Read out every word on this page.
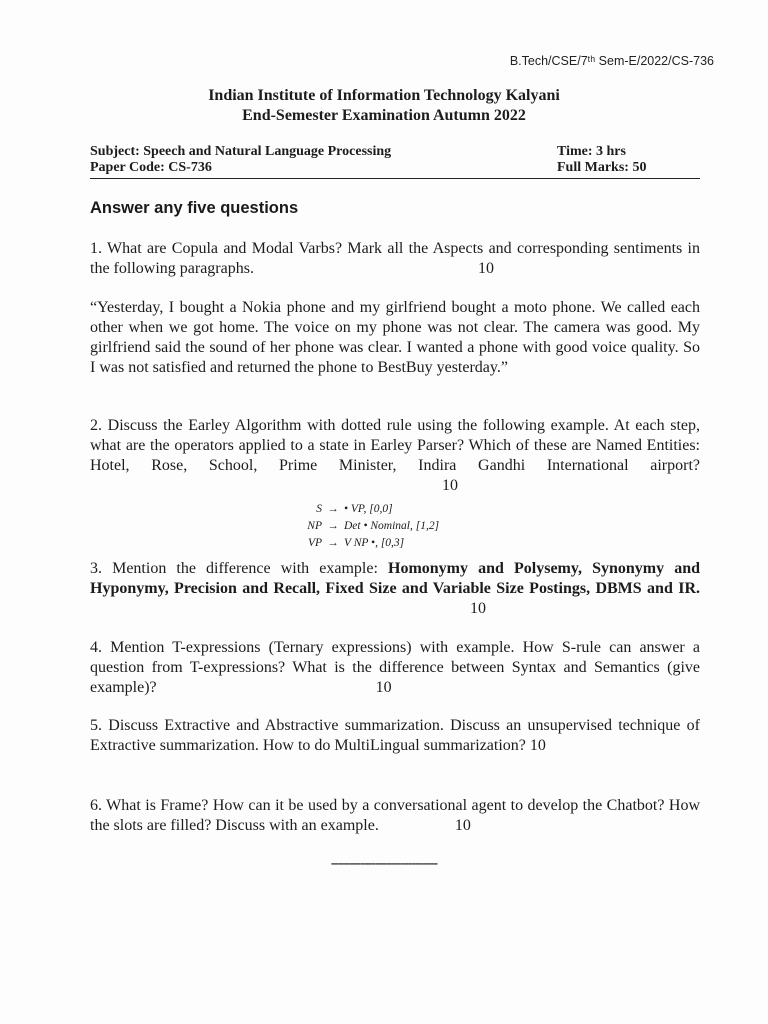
B.Tech/CSE/7ᵗʰ Sem-E/2022/CS-736
Indian Institute of Information Technology Kalyani
End-Semester Examination Autumn 2022
Subject: Speech and Natural Language Processing	Time: 3 hrs
Paper Code: CS-736	Full Marks: 50
Answer any five questions
1. What are Copula and Modal Varbs? Mark all the Aspects and corresponding sentiments in the following paragraphs.	10
“Yesterday, I bought a Nokia phone and my girlfriend bought a moto phone. We called each other when we got home. The voice on my phone was not clear. The camera was good. My girlfriend said the sound of her phone was clear. I wanted a phone with good voice quality. So I was not satisfied and returned the phone to BestBuy yesterday.”
2. Discuss the Earley Algorithm with dotted rule using the following example. At each step, what are the operators applied to a state in Earley Parser? Which of these are Named Entities: Hotel, Rose, School, Prime Minister, Indira Gandhi International airport? 10
S → • VP, [0,0]
NP → Det • Nominal, [1,2]
VP → V NP •, [0,3]
3. Mention the difference with example: Homonymy and Polysemy, Synonymy and Hyponymy, Precision and Recall, Fixed Size and Variable Size Postings, DBMS and IR. 10
4. Mention T-expressions (Ternary expressions) with example. How S-rule can answer a question from T-expressions? What is the difference between Syntax and Semantics (give example)?	10
5. Discuss Extractive and Abstractive summarization. Discuss an unsupervised technique of Extractive summarization. How to do MultiLingual summarization? 10
6. What is Frame? How can it be used by a conversational agent to develop the Chatbot? How the slots are filled? Discuss with an example.	10
-----------------------------
